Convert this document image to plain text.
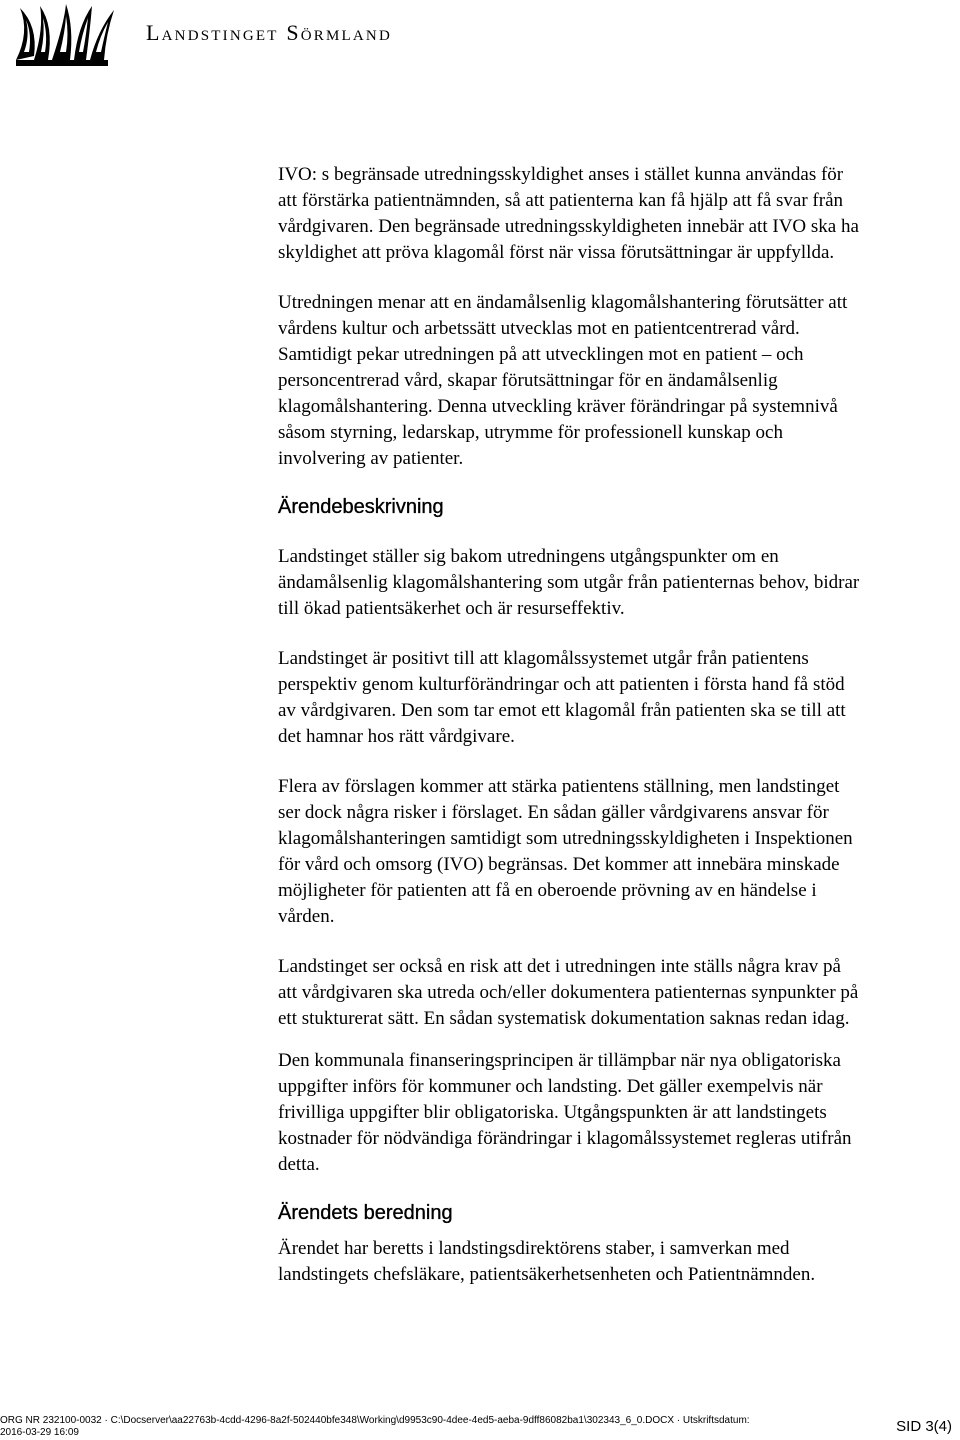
Landstinget Sörmland

IVO: s begränsade utredningsskyldighet anses i stället kunna användas för
att förstärka patientnämnden, så att patienterna kan få hjälp att få svar från
vårdgivaren. Den begränsade utredningsskyldigheten innebär att IVO ska ha
skyldighet att pröva klagomål först när vissa förutsättningar är uppfyllda.

Utredningen menar att en ändamålsenlig klagomålshantering förutsätter att
vårdens kultur och arbetssätt utvecklas mot en patientcentrerad vård.
Samtidigt pekar utredningen på att utvecklingen mot en patient – och
personcentrerad vård, skapar förutsättningar för en ändamålsenlig
klagomålshantering. Denna utveckling kräver förändringar på systemnivå
såsom styrning, ledarskap, utrymme för professionell kunskap och
involvering av patienter.

Ärendebeskrivning

Landstinget ställer sig bakom utredningens utgångspunkter om en
ändamålsenlig klagomålshantering som utgår från patienternas behov, bidrar
till ökad patientsäkerhet och är resurseffektiv.

Landstinget är positivt till att klagomålssystemet utgår från patientens
perspektiv genom kulturförändringar och att patienten i första hand få stöd
av vårdgivaren. Den som tar emot ett klagomål från patienten ska se till att
det hamnar hos rätt vårdgivare.

Flera av förslagen kommer att stärka patientens ställning, men landstinget
ser dock några risker i förslaget. En sådan gäller vårdgivarens ansvar för
klagomålshanteringen samtidigt som utredningsskyldigheten i Inspektionen
för vård och omsorg (IVO) begränsas. Det kommer att innebära minskade
möjligheter för patienten att få en oberoende prövning av en händelse i
vården.

Landstinget ser också en risk att det i utredningen inte ställs några krav på
att vårdgivaren ska utreda och/eller dokumentera patienternas synpunkter på
ett stukturerat sätt. En sådan systematisk dokumentation saknas redan idag.

Den kommunala finanseringsprincipen är tillämpbar när nya obligatoriska
uppgifter införs för kommuner och landsting. Det gäller exempelvis när
frivilliga uppgifter blir obligatoriska. Utgångspunkten är att landstingets
kostnader för nödvändiga förändringar i klagomålssystemet regleras utifrån
detta.

Ärendets beredning

Ärendet har beretts i landstingsdirektörens staber, i samverkan med
landstingets chefsläkare, patientsäkerhetsenheten och Patientnämnden.

ORG NR 232100-0032 · C:\Docserver\aa22763b-4cdd-4296-8a2f-502440bfe348\Working\d9953c90-4dee-4ed5-aeba-9dff86082ba1\302343_6_0.DOCX · Utskriftsdatum:
2016-03-29 16:09	SID 3(4)
